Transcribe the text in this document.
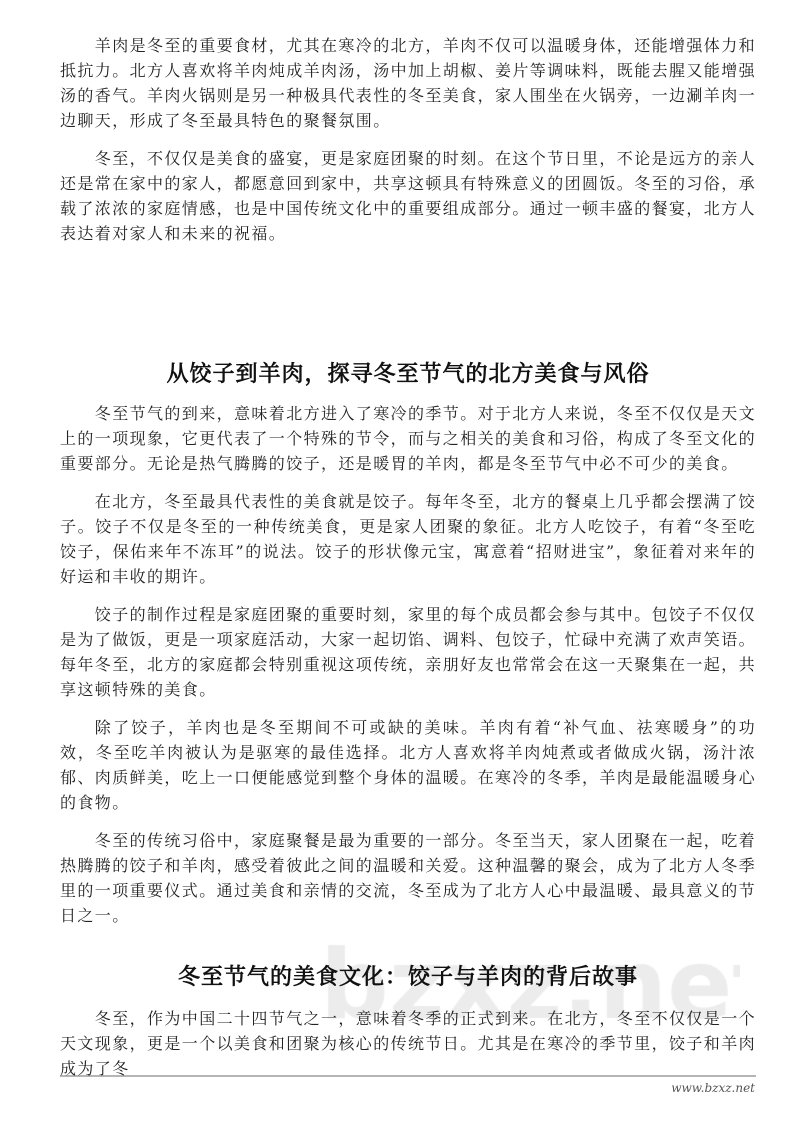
羊肉是冬至的重要食材，尤其在寒冷的北方，羊肉不仅可以温暖身体，还能增强体力和抵抗力。北方人喜欢将羊肉炖成羊肉汤，汤中加上胡椒、姜片等调味料，既能去腥又能增强汤的香气。羊肉火锅则是另一种极具代表性的冬至美食，家人围坐在火锅旁，一边涮羊肉一边聊天，形成了冬至最具特色的聚餐氛围。

冬至，不仅仅是美食的盛宴，更是家庭团聚的时刻。在这个节日里，不论是远方的亲人还是常在家中的家人，都愿意回到家中，共享这顿具有特殊意义的团圆饭。冬至的习俗，承载了浓浓的家庭情感，也是中国传统文化中的重要组成部分。通过一顿丰盛的餐宴，北方人表达着对家人和未来的祝福。

从饺子到羊肉，探寻冬至节气的北方美食与风俗

冬至节气的到来，意味着北方进入了寒冷的季节。对于北方人来说，冬至不仅仅是天文上的一项现象，它更代表了一个特殊的节令，而与之相关的美食和习俗，构成了冬至文化的重要部分。无论是热气腾腾的饺子，还是暖胃的羊肉，都是冬至节气中必不可少的美食。

在北方，冬至最具代表性的美食就是饺子。每年冬至，北方的餐桌上几乎都会摆满了饺子。饺子不仅是冬至的一种传统美食，更是家人团聚的象征。北方人吃饺子，有着“冬至吃饺子，保佑来年不冻耳”的说法。饺子的形状像元宝，寓意着“招财进宝”，象征着对来年的好运和丰收的期许。

饺子的制作过程是家庭团聚的重要时刻，家里的每个成员都会参与其中。包饺子不仅仅是为了做饭，更是一项家庭活动，大家一起切馅、调料、包饺子，忙碌中充满了欢声笑语。每年冬至，北方的家庭都会特别重视这项传统，亲朋好友也常常会在这一天聚集在一起，共享这顿特殊的美食。

除了饺子，羊肉也是冬至期间不可或缺的美味。羊肉有着“补气血、祛寒暖身”的功效，冬至吃羊肉被认为是驱寒的最佳选择。北方人喜欢将羊肉炖煮或者做成火锅，汤汁浓郁、肉质鲜美，吃上一口便能感觉到整个身体的温暖。在寒冷的冬季，羊肉是最能温暖身心的食物。

冬至的传统习俗中，家庭聚餐是最为重要的一部分。冬至当天，家人团聚在一起，吃着热腾腾的饺子和羊肉，感受着彼此之间的温暖和关爱。这种温馨的聚会，成为了北方人冬季里的一项重要仪式。通过美食和亲情的交流，冬至成为了北方人心中最温暖、最具意义的节日之一。

冬至节气的美食文化：饺子与羊肉的背后故事

冬至，作为中国二十四节气之一，意味着冬季的正式到来。在北方，冬至不仅仅是一个天文现象，更是一个以美食和团聚为核心的传统节日。尤其是在寒冷的季节里，饺子和羊肉成为了冬

www.bzxz.net
